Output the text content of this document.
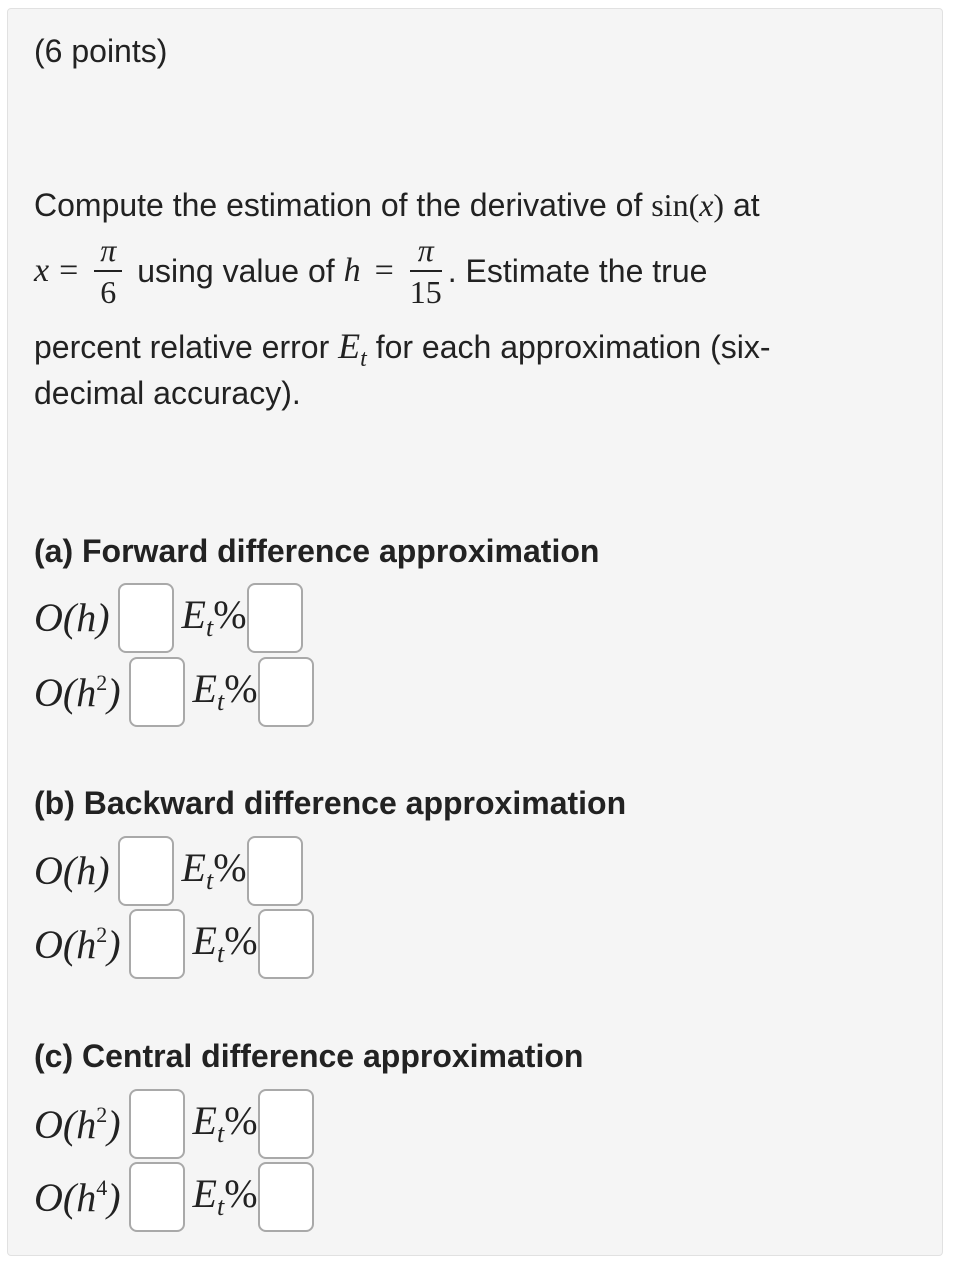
(6 points)
Compute the estimation of the derivative of sin(x) at
$x = \frac{\pi}{6}$ using value of $h = \frac{\pi}{15}$ . Estimate the true
percent relative error $E_t$ for each approximation (six-
decimal accuracy).
(a) Forward difference approximation
O(h) $E_t\%$
$O(h^2)$ $E_t\%$
(b) Backward difference approximation
O(h) $E_t\%$
$O(h^2)$ $E_t\%$
(c) Central difference approximation
$O(h^2)$ $E_t\%$
$O(h^4)$ $E_t\%$
